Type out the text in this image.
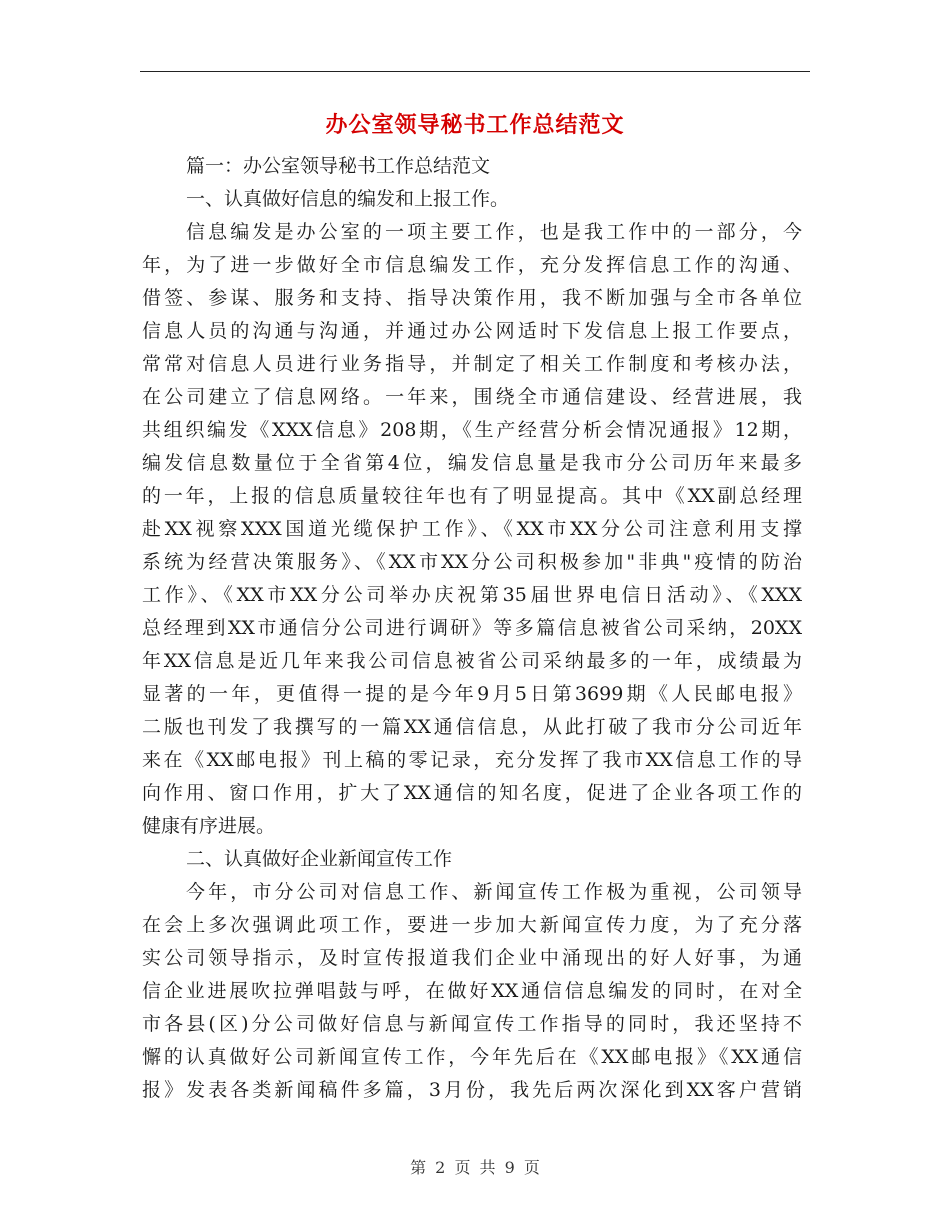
办公室领导秘书工作总结范文
篇一：办公室领导秘书工作总结范文
一、认真做好信息的编发和上报工作。
信息编发是办公室的一项主要工作，也是我工作中的一部分，今
年，为了进一步做好全市信息编发工作，充分发挥信息工作的沟通、
借签、参谋、服务和支持、指导决策作用，我不断加强与全市各单位
信息人员的沟通与沟通，并通过办公网适时下发信息上报工作要点，
常常对信息人员进行业务指导，并制定了相关工作制度和考核办法，
在公司建立了信息网络。一年来，围绕全市通信建设、经营进展，我
共组织编发《XXX信息》208期，《生产经营分析会情况通报》12期，
编发信息数量位于全省第4位，编发信息量是我市分公司历年来最多
的一年，上报的信息质量较往年也有了明显提高。其中《XX副总经理
赴XX视察XXX国道光缆保护工作》、《XX市XX分公司注意利用支撑
系统为经营决策服务》、《XX市XX分公司积极参加"非典"疫情的防治
工作》、《XX市XX分公司举办庆祝第35届世界电信日活动》、《XXX
总经理到XX市通信分公司进行调研》等多篇信息被省公司采纳，20XX
年XX信息是近几年来我公司信息被省公司采纳最多的一年，成绩最为
显著的一年，更值得一提的是今年9月5日第3699期《人民邮电报》
二版也刊发了我撰写的一篇XX通信信息，从此打破了我市分公司近年
来在《XX邮电报》刊上稿的零记录，充分发挥了我市XX信息工作的导
向作用、窗口作用，扩大了XX通信的知名度，促进了企业各项工作的
健康有序进展。
二、认真做好企业新闻宣传工作
今年，市分公司对信息工作、新闻宣传工作极为重视，公司领导
在会上多次强调此项工作，要进一步加大新闻宣传力度，为了充分落
实公司领导指示，及时宣传报道我们企业中涌现出的好人好事，为通
信企业进展吹拉弹唱鼓与呼，在做好XX通信信息编发的同时，在对全
市各县(区)分公司做好信息与新闻宣传工作指导的同时，我还坚持不
懈的认真做好公司新闻宣传工作，今年先后在《XX邮电报》《XX通信
报》发表各类新闻稿件多篇，3月份，我先后两次深化到XX客户营销
第 2 页 共 9 页
